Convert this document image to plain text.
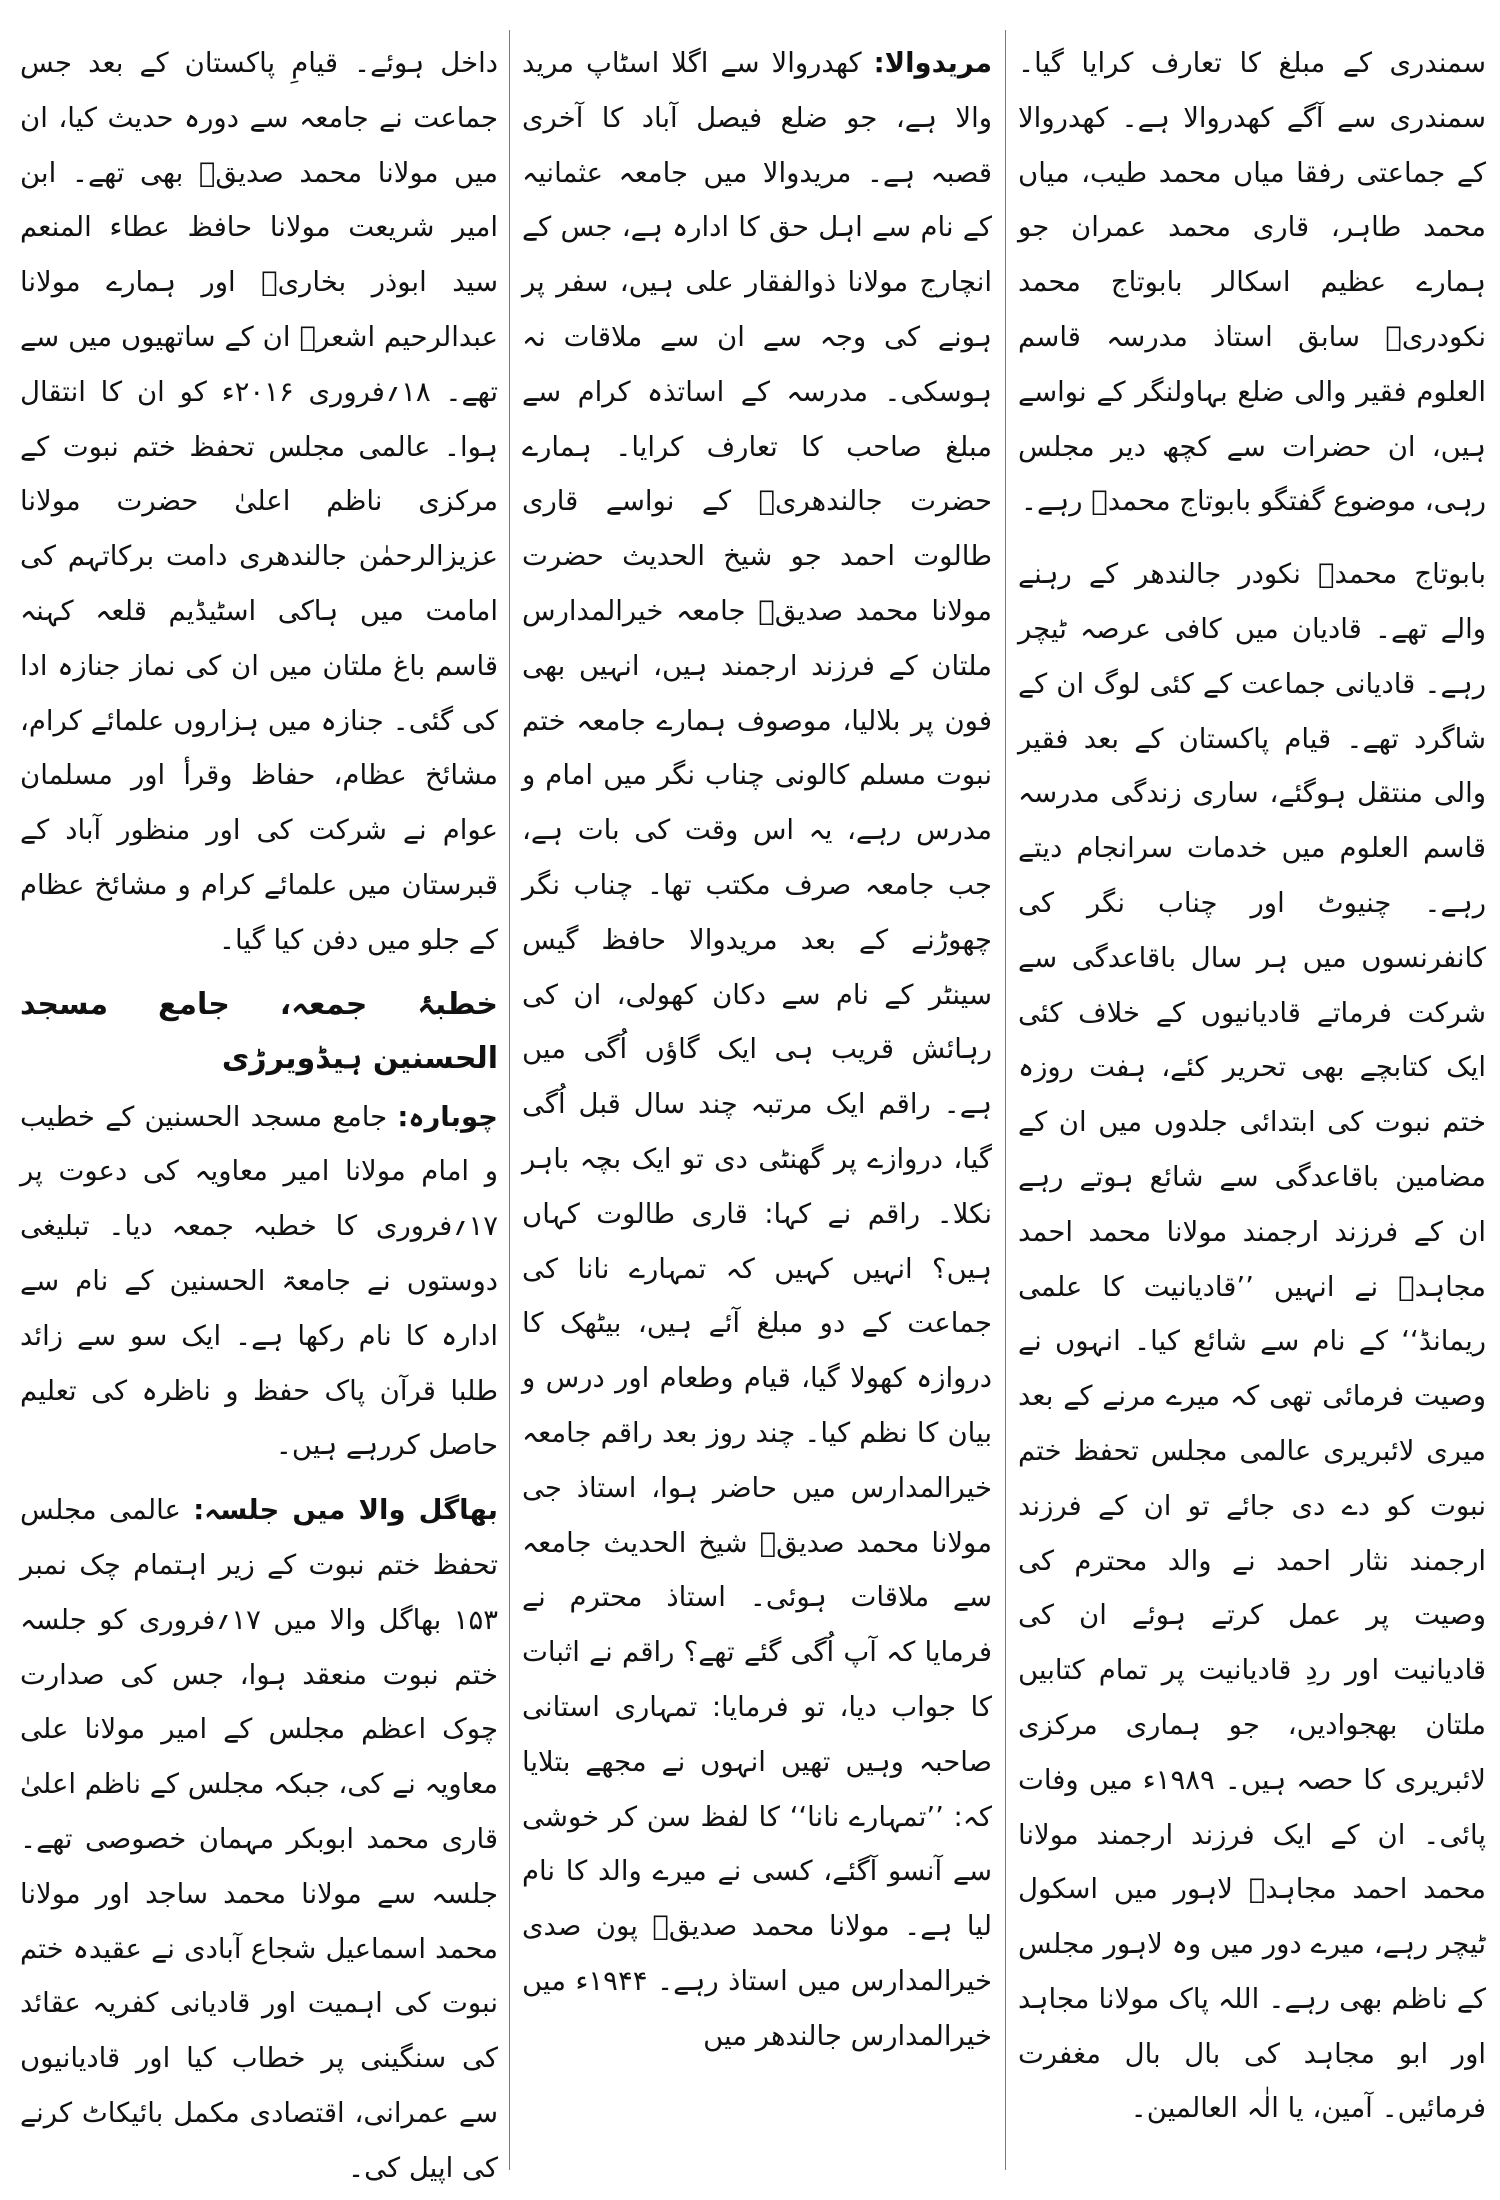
سمندری کے مبلغ کا تعارف کرایا گیا۔ سمندری سے آگے کھدروالا ہے۔ کھدروالا کے جماعتی رفقا میاں محمد طیب، میاں محمد طاہر، قاری محمد عمران جو ہمارے عظیم اسکالر بابوتاج محمد نکودریؒ سابق استاذ مدرسہ قاسم العلوم فقیر والی ضلع بہاولنگر کے نواسے ہیں، ان حضرات سے کچھ دیر مجلس رہی، موضوع گفتگو بابوتاج محمدؒ رہے۔

بابوتاج محمدؒ نکودر جالندھر کے رہنے والے تھے۔ قادیان میں کافی عرصہ ٹیچر رہے۔ قادیانی جماعت کے کئی لوگ ان کے شاگرد تھے۔ قیام پاکستان کے بعد فقیر والی منتقل ہوگئے، ساری زندگی مدرسہ قاسم العلوم میں خدمات سرانجام دیتے رہے۔ چنیوٹ اور چناب نگر کی کانفرنسوں میں ہر سال باقاعدگی سے شرکت فرماتے قادیانیوں کے خلاف کئی ایک کتابچے بھی تحریر کئے، ہفت روزہ ختم نبوت کی ابتدائی جلدوں میں ان کے مضامین باقاعدگی سے شائع ہوتے رہے ان کے فرزند ارجمند مولانا محمد احمد مجاہدؒ نے انہیں ’’قادیانیت کا علمی ریمانڈ‘‘ کے نام سے شائع کیا۔ انہوں نے وصیت فرمائی تھی کہ میرے مرنے کے بعد میری لائبریری عالمی مجلس تحفظ ختم نبوت کو دے دی جائے تو ان کے فرزند ارجمند نثار احمد نے والد محترم کی وصیت پر عمل کرتے ہوئے ان کی قادیانیت اور ردِ قادیانیت پر تمام کتابیں ملتان بھجوادیں، جو ہماری مرکزی لائبریری کا حصہ ہیں۔ ۱۹۸۹ء میں وفات پائی۔ ان کے ایک فرزند ارجمند مولانا محمد احمد مجاہدؒ لاہور میں اسکول ٹیچر رہے، میرے دور میں وہ لاہور مجلس کے ناظم بھی رہے۔ اللہ پاک مولانا مجاہد اور ابو مجاہد کی بال بال مغفرت فرمائیں۔ آمین، یا الٰہ العالمین۔

مریدوالا: کھدروالا سے اگلا اسٹاپ مرید والا ہے، جو ضلع فیصل آباد کا آخری قصبہ ہے۔ مریدوالا میں جامعہ عثمانیہ کے نام سے اہل حق کا ادارہ ہے، جس کے انچارج مولانا ذوالفقار علی ہیں، سفر پر ہونے کی وجہ سے ان سے ملاقات نہ ہوسکی۔ مدرسہ کے اساتذہ کرام سے مبلغ صاحب کا تعارف کرایا۔ ہمارے حضرت جالندھریؒ کے نواسے قاری طالوت احمد جو شیخ الحدیث حضرت مولانا محمد صدیقؒ جامعہ خیرالمدارس ملتان کے فرزند ارجمند ہیں، انہیں بھی فون پر بلالیا، موصوف ہمارے جامعہ ختم نبوت مسلم کالونی چناب نگر میں امام و مدرس رہے، یہ اس وقت کی بات ہے، جب جامعہ صرف مکتب تھا۔ چناب نگر چھوڑنے کے بعد مریدوالا حافظ گیس سینٹر کے نام سے دکان کھولی، ان کی رہائش قریب ہی ایک گاؤں اُگی میں ہے۔ راقم ایک مرتبہ چند سال قبل اُگی گیا، دروازے پر گھنٹی دی تو ایک بچہ باہر نکلا۔ راقم نے کہا: قاری طالوت کہاں ہیں؟ انہیں کہیں کہ تمہارے نانا کی جماعت کے دو مبلغ آئے ہیں، بیٹھک کا دروازہ کھولا گیا، قیام وطعام اور درس و بیان کا نظم کیا۔ چند روز بعد راقم جامعہ خیرالمدارس میں حاضر ہوا، استاذ جی مولانا محمد صدیقؒ شیخ الحدیث جامعہ سے ملاقات ہوئی۔ استاذ محترم نے فرمایا کہ آپ اُگی گئے تھے؟ راقم نے اثبات کا جواب دیا، تو فرمایا: تمہاری استانی صاحبہ وہیں تھیں انہوں نے مجھے بتلایا کہ: ’’تمہارے نانا‘‘ کا لفظ سن کر خوشی سے آنسو آگئے، کسی نے میرے والد کا نام لیا ہے۔ مولانا محمد صدیقؒ پون صدی خیرالمدارس میں استاذ رہے۔ ۱۹۴۴ء میں خیرالمدارس جالندھر میں

داخل ہوئے۔ قیامِ پاکستان کے بعد جس جماعت نے جامعہ سے دورہ حدیث کیا، ان میں مولانا محمد صدیقؒ بھی تھے۔ ابن امیر شریعت مولانا حافظ عطاء المنعم سید ابوذر بخاریؒ اور ہمارے مولانا عبدالرحیم اشعرؒ ان کے ساتھیوں میں سے تھے۔ ۱۸؍فروری ۲۰۱۶ء کو ان کا انتقال ہوا۔ عالمی مجلس تحفظ ختم نبوت کے مرکزی ناظم اعلیٰ حضرت مولانا عزیزالرحمٰن جالندھری دامت برکاتہم کی امامت میں ہاکی اسٹیڈیم قلعہ کہنہ قاسم باغ ملتان میں ان کی نماز جنازہ ادا کی گئی۔ جنازہ میں ہزاروں علمائے کرام، مشائخ عظام، حفاظ وقرأ اور مسلمان عوام نے شرکت کی اور منظور آباد کے قبرستان میں علمائے کرام و مشائخ عظام کے جلو میں دفن کیا گیا۔

خطبۂ جمعہ، جامع مسجد الحسنین ہیڈویرڑی

چوبارہ: جامع مسجد الحسنین کے خطیب و امام مولانا امیر معاویہ کی دعوت پر ۱۷؍فروری کا خطبہ جمعہ دیا۔ تبلیغی دوستوں نے جامعۃ الحسنین کے نام سے ادارہ کا نام رکھا ہے۔ ایک سو سے زائد طلبا قرآن پاک حفظ و ناظرہ کی تعلیم حاصل کررہے ہیں۔

بھاگل والا میں جلسہ: عالمی مجلس تحفظ ختم نبوت کے زیر اہتمام چک نمبر ۱۵۳ بھاگل والا میں ۱۷؍فروری کو جلسہ ختم نبوت منعقد ہوا، جس کی صدارت چوک اعظم مجلس کے امیر مولانا علی معاویہ نے کی، جبکہ مجلس کے ناظم اعلیٰ قاری محمد ابوبکر مہمان خصوصی تھے۔ جلسہ سے مولانا محمد ساجد اور مولانا محمد اسماعیل شجاع آبادی نے عقیدہ ختم نبوت کی اہمیت اور قادیانی کفریہ عقائد کی سنگینی پر خطاب کیا اور قادیانیوں سے عمرانی، اقتصادی مکمل بائیکاٹ کرنے کی اپیل کی۔
